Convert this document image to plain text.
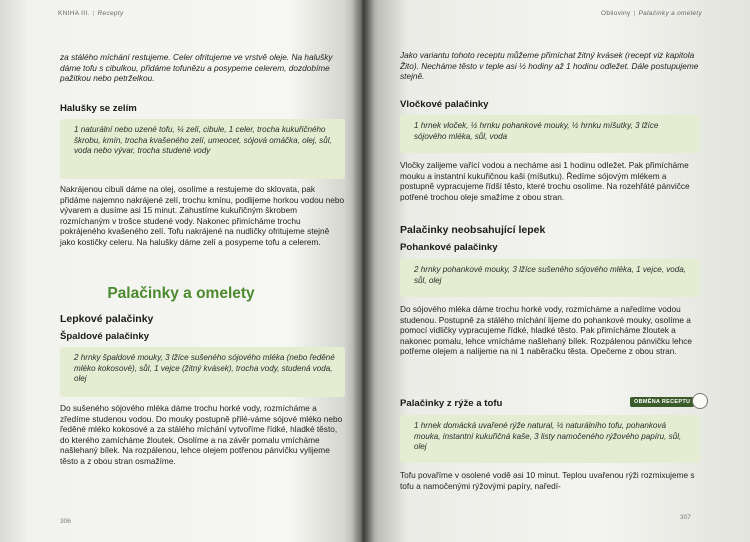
KNIHA III. | Recepty

za stálého míchání restujeme. Celer ofritujeme ve vrstvě oleje. Na halušky dáme tofu s cibulkou, přidáme tofunězu a posypeme celerem, dozdobíme pažitkou nebo petrželkou.

Halušky se zelím
1 naturální nebo uzené tofu, ¼ zelí, cibule, 1 celer, trocha kukuřičného škrobu, kmín, trocha kvašeného zelí, umeocet, sójová omáčka, olej, sůl, voda nebo vývar, trocha studené vody

Nakrájenou cibuli dáme na olej, osolíme a restujeme do sklovata, pak přidáme najemno nakrájené zelí, trochu kmínu, podlijeme horkou vodou nebo vývarem a dusíme asi 15 minut. Zahustíme kukuřičným škrobem rozmíchaným v trošce studené vody. Nakonec přimícháme trochu pokrájeného kvašeného zelí. Tofu nakrájené na nudličky ofritujeme stejně jako kostičky celeru. Na halušky dáme zelí a posypeme tofu a celerem.

Palačinky a omelety
Lepkové palačinky
Špaldové palačinky
2 hrnky špaldové mouky, 3 lžíce sušeného sójového mléka (nebo ředěné mléko kokosové), sůl, 1 vejce (žitný kvásek), trocha vody, studená voda, olej

Do sušeného sójového mléka dáme trochu horké vody, rozmícháme a zředíme studenou vodou. Do mouky postupně přilé-váme sójové mléko nebo ředěné mléko kokosové a za stálého míchání vytvoříme řídké, hladké těsto, do kterého zamícháme žloutek. Osolíme a na závěr pomalu vmícháme našlehaný bílek. Na rozpálenou, lehce olejem potřenou pánvičku vylijeme těsto a z obou stran osmažíme.

306
Obiloviny | Palačinky a omelety

Jako variantu tohoto receptu můžeme přimíchat žitný kvásek (recept viz kapitola Žito). Necháme těsto v teple asi ½ hodiny až 1 hodinu odležet. Dále postupujeme stejně.

Vločkové palačinky
1 hrnek vloček, ½ hrnku pohankové mouky, ½ hrnku míšutky, 3 lžíce sójového mléka, sůl, voda

Vločky zalijeme vařící vodou a necháme asi 1 hodinu odležet. Pak přimícháme mouku a instantní kukuřičnou kaši (míšutku). Ředíme sójovým mlékem a postupně vypracujeme řídší těsto, které trochu osolíme. Na rozehřáté pánvičce potřené trochou oleje smažíme z obou stran.

Palačinky neobsahující lepek
Pohankové palačinky
2 hrnky pohankové mouky, 3 lžíce sušeného sójového mléka, 1 vejce, voda, sůl, olej

Do sójového mléka dáme trochu horké vody, rozmícháme a naředíme vodou studenou. Postupně za stálého míchání lijeme do pohankové mouky, osolíme a pomocí vidličky vypracujeme řídké, hladké těsto. Pak přimícháme žloutek a nakonec pomalu, lehce vmícháme našlehaný bílek. Rozpálenou pánvičku lehce potřeme olejem a nalijeme na ni 1 naběračku těsta. Opečeme z obou stran.

Palačinky z rýže a tofu	OBMĚNA RECEPTU
1 hrnek domácká uvařené rýže natural, ½ naturálního tofu, pohanková mouka, instantní kukuřičná kaše, 3 listy namočeného rýžového papíru, sůl, olej

Tofu povaříme v osolené vodě asi 10 minut. Teplou uvařenou rýži rozmixujeme s tofu a namočenými rýžovými papíry, naředí-

307
